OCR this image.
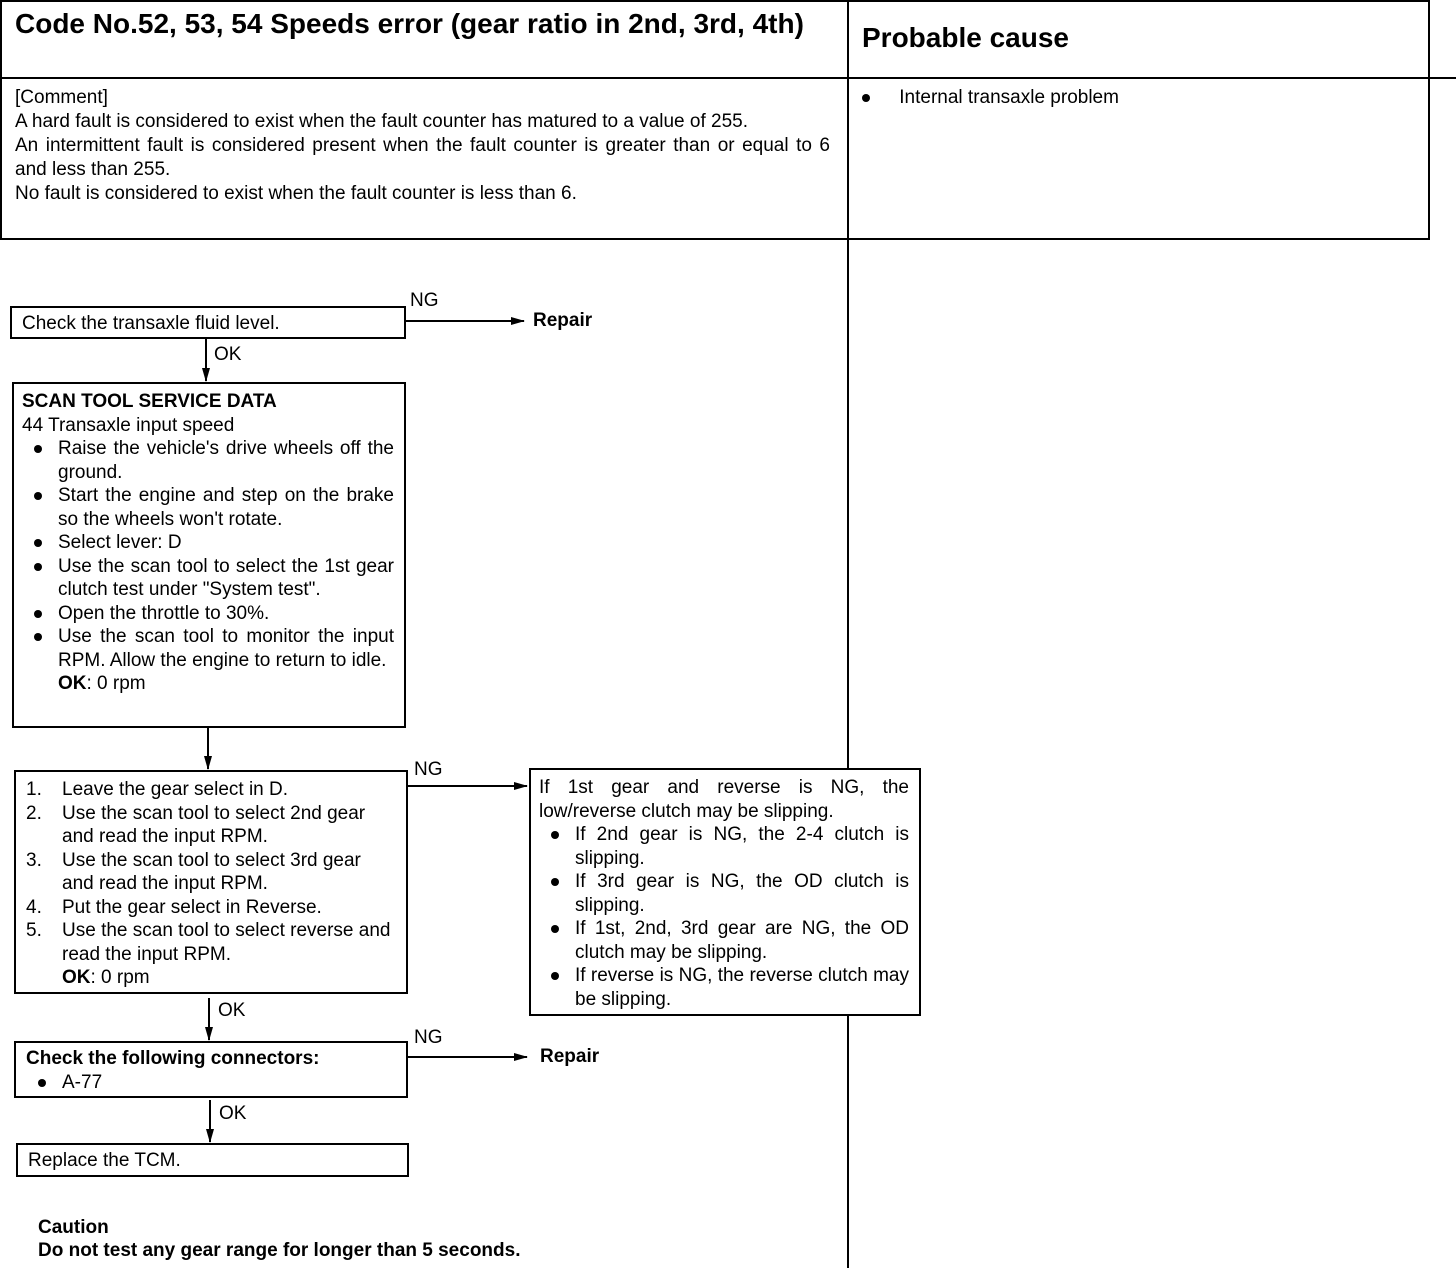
Code No.52, 53, 54 Speeds error (gear ratio in 2nd, 3rd, 4th)	Probable cause

[Comment]

A hard fault is considered to exist when the fault counter has matured to a value of 255.

An intermittent fault is considered present when the fault counter is greater than or equal to 6 and less than 255.

No fault is considered to exist when the fault counter is less than 6.

Internal transaxle problem
Check the transaxle fluid level.
NG
Repair
OK
SCAN TOOL SERVICE DATA
44 Transaxle input speed
Raise the vehicle's drive wheels off the ground.
Start the engine and step on the brake so the wheels won't rotate.
Select lever: D
Use the scan tool to select the 1st gear clutch test under "System test".
Open the throttle to 30%.
Use the scan tool to monitor the input RPM. Allow the engine to return to idle.
OK: 0 rpm
1. Leave the gear select in D.
2. Use the scan tool to select 2nd gear and read the input RPM.
3. Use the scan tool to select 3rd gear and read the input RPM.
4. Put the gear select in Reverse.
5. Use the scan tool to select reverse and read the input RPM.
OK: 0 rpm
NG
OK
If 1st gear and reverse is NG, the low/reverse clutch may be slipping.
If 2nd gear is NG, the 2-4 clutch is slipping.
If 3rd gear is NG, the OD clutch is slipping.
If 1st, 2nd, 3rd gear are NG, the OD clutch may be slipping.
If reverse is NG, the reverse clutch may be slipping.
Check the following connectors:
A-77
NG
Repair
OK
Replace the TCM.
Caution
Do not test any gear range for longer than 5 seconds.
